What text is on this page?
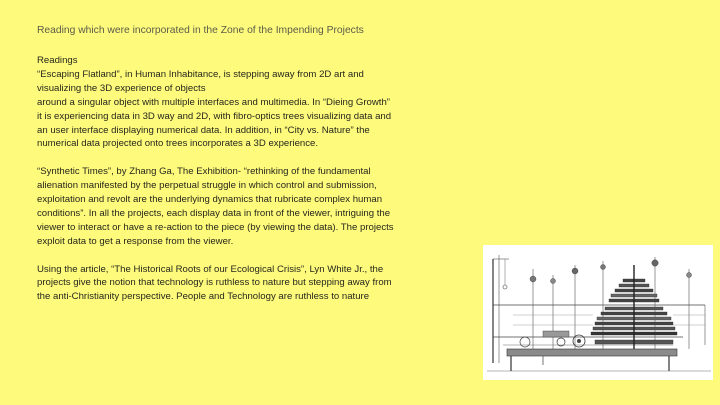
Reading which were incorporated in the Zone of the Impending Projects

Readings
“Escaping Flatland”, in Human Inhabitance, is stepping away from 2D art and
visualizing the 3D experience of objects
around a singular object with multiple interfaces and multimedia. In “Dieing Growth”
it is experiencing data in 3D way and 2D, with fibro-optics trees visualizing data and
an user interface displaying numerical data. In addition, in “City vs. Nature” the
numerical data projected onto trees incorporates a 3D experience.

“Synthetic Times”, by Zhang Ga, The Exhibition- “rethinking of the fundamental
alienation manifested by the perpetual struggle in which control and submission,
exploitation and revolt are the underlying dynamics that rubricate complex human
conditions”. In all the projects, each display data in front of the viewer, intriguing the
viewer to interact or have a re-action to the piece (by viewing the data). The projects
exploit data to get a response from the viewer.

Using the article, “The Historical Roots of our Ecological Crisis”, Lyn White Jr., the
projects give the notion that technology is ruthless to nature but stepping away from
the anti-Christianity perspective. People and Technology are ruthless to nature
